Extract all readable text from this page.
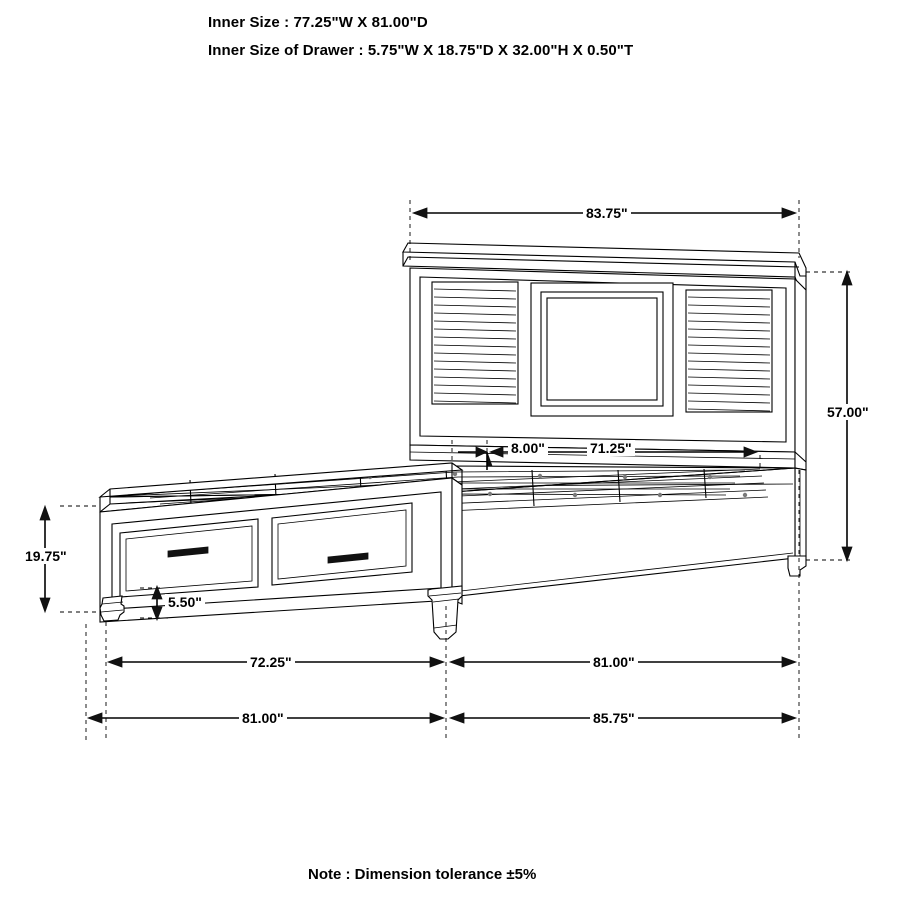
Inner Size : 77.25"W X 81.00"D
Inner Size of Drawer : 5.75"W X 18.75"D X 32.00"H X 0.50"T
83.75"
57.00"
71.25"
8.00"
19.75"
5.50"
72.25"	81.00"
81.00"	85.75"
Note : Dimension tolerance ±5%
